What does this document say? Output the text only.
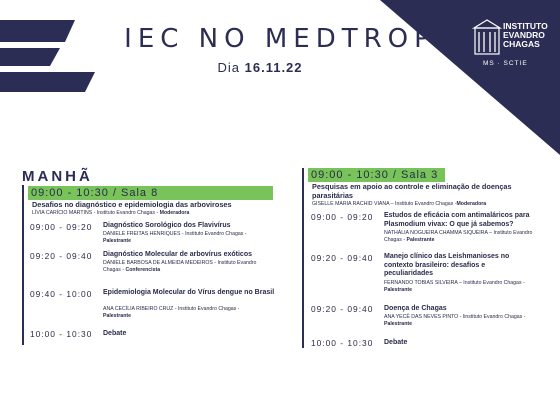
INSTITUTO
EVANDRO
CHAGAS
MS · SCTIE
IEC NO MEDTROP
Dia 16.11.22
MANHÃ
09:00 - 10:30 / Sala 8
Desafios no diagnóstico e epidemiologia das arboviroses
LÍVIA CARÍCIO MARTINS - Instituto Evandro Chagas - Moderadora
09:00 - 09:20 Diagnóstico Sorológico dos Flavivírus
DANIELE FREITAS HENRIQUES - Instituto Evandro Chagas - Palestrante
09:20 - 09:40 Diagnóstico Molecular de arbovírus exóticos
DANIELE BARBOSA DE ALMEIDA MEDEIROS - Instituto Evandro Chagas - Conferencista
09:40 - 10:00 Epidemiologia Molecular do Vírus dengue no Brasil
ANA CECÍLIA RIBEIRO CRUZ - Instituto Evandro Chagas - Palestrante
10:00 - 10:30 Debate
09:00 - 10:30 / Sala 3
Pesquisas em apoio ao controle e eliminação de doenças parasitárias
GISELLE MARIA RACHID VIANA – Instituto Evandro Chagas -Moderadora
09:00 - 09:20 Estudos de eficácia com antimaláricos para Plasmodium vivax: O que já sabemos?
NATHÁLIA NOGUEIRA CHAMMA SIQUEIRA – Instituto Evandro Chagas - Palestrante
09:20 - 09:40 Manejo clínico das Leishmanioses no contexto brasileiro: desafios e peculiaridades
FERNANDO TOBIAS SILVEIRA – Instituto Evandro Chagas - Palestrante
09:20 - 09:40 Doença de Chagas
ANA YECÊ DAS NEVES PINTO - Iinstituto Evandro Chagas - Palestrante
10:00 - 10:30 Debate
